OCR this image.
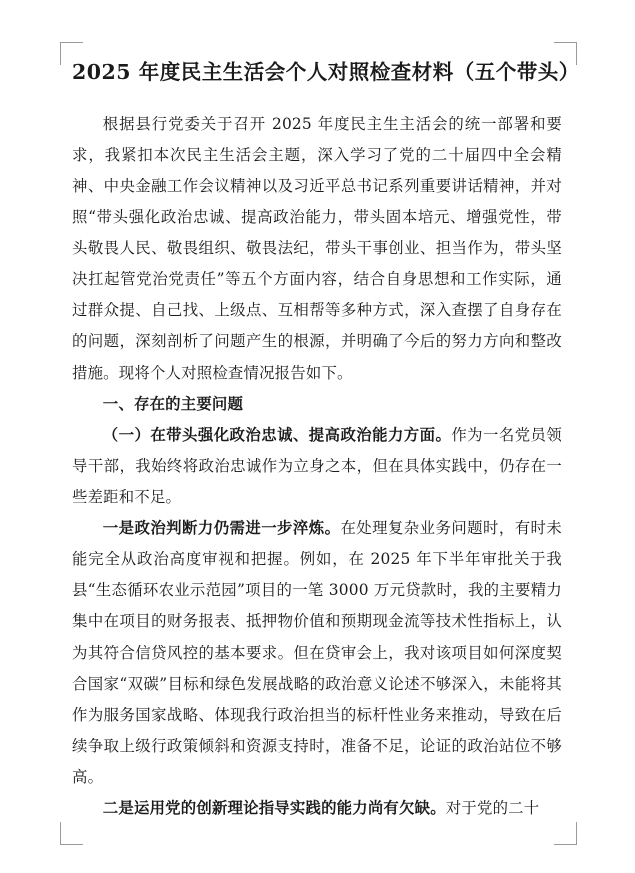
2025 年度民主生活会个人对照检查材料（五个带头）

根据县行党委关于召开 2025 年度民主生主活会的统一部署和要求，我紧扣本次民主生活会主题，深入学习了党的二十届四中全会精神、中央金融工作会议精神以及习近平总书记系列重要讲话精神，并对照“带头强化政治忠诚、提高政治能力，带头固本培元、增强党性，带头敬畏人民、敬畏组织、敬畏法纪，带头干事创业、担当作为，带头坚决扛起管党治党责任”等五个方面内容，结合自身思想和工作实际，通过群众提、自己找、上级点、互相帮等多种方式，深入查摆了自身存在的问题，深刻剖析了问题产生的根源，并明确了今后的努力方向和整改措施。现将个人对照检查情况报告如下。

一、存在的主要问题

（一）在带头强化政治忠诚、提高政治能力方面。作为一名党员领导干部，我始终将政治忠诚作为立身之本，但在具体实践中，仍存在一些差距和不足。

一是政治判断力仍需进一步淬炼。在处理复杂业务问题时，有时未能完全从政治高度审视和把握。例如，在 2025 年下半年审批关于我县“生态循环农业示范园”项目的一笔 3000 万元贷款时，我的主要精力集中在项目的财务报表、抵押物价值和预期现金流等技术性指标上，认为其符合信贷风控的基本要求。但在贷审会上，我对该项目如何深度契合国家“双碳”目标和绿色发展战略的政治意义论述不够深入，未能将其作为服务国家战略、体现我行政治担当的标杆性业务来推动，导致在后续争取上级行政策倾斜和资源支持时，准备不足，论证的政治站位不够高。

二是运用党的创新理论指导实践的能力尚有欠缺。对于党的二十
